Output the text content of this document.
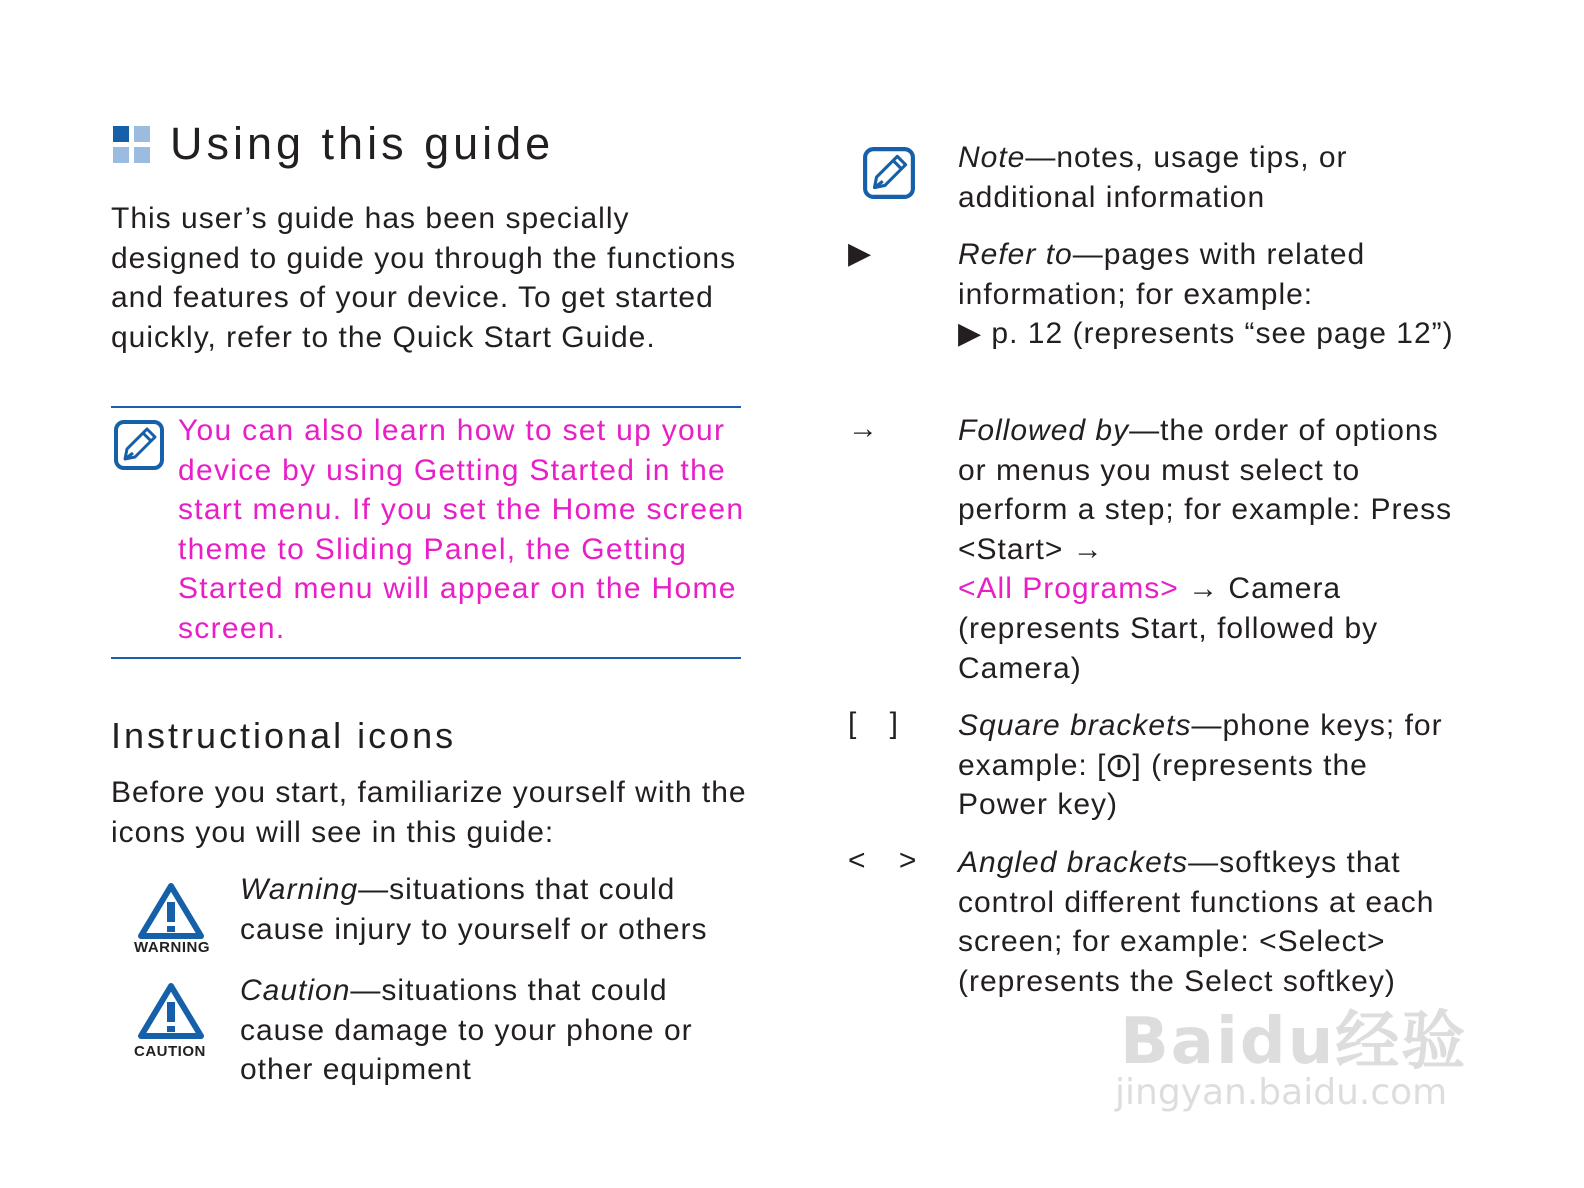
Using this guide

This user’s guide has been specially designed to guide you through the functions and features of your device. To get started quickly, refer to the Quick Start Guide.

You can also learn how to set up your device by using Getting Started in the start menu. If you set the Home screen theme to Sliding Panel, the Getting Started menu will appear on the Home screen.

Instructional icons

Before you start, familiarize yourself with the icons you will see in this guide:

WARNING

Warning—situations that could cause injury to yourself or others

CAUTION

Caution—situations that could cause damage to your phone or other equipment

Note—notes, usage tips, or additional information

▶	Refer to—pages with related information; for example:
▶ p. 12 (represents “see page 12”)

→	Followed by—the order of options or menus you must select to perform a step; for example: Press <Start> →
<All Programs> → Camera (represents Start, followed by Camera)

[    ] Square brackets—phone keys; for example: [ ] (represents the Power key)

<    > Angled brackets—softkeys that control different functions at each screen; for example: <Select> (represents the Select softkey)

Baidu经验
jingyan.baidu.com
